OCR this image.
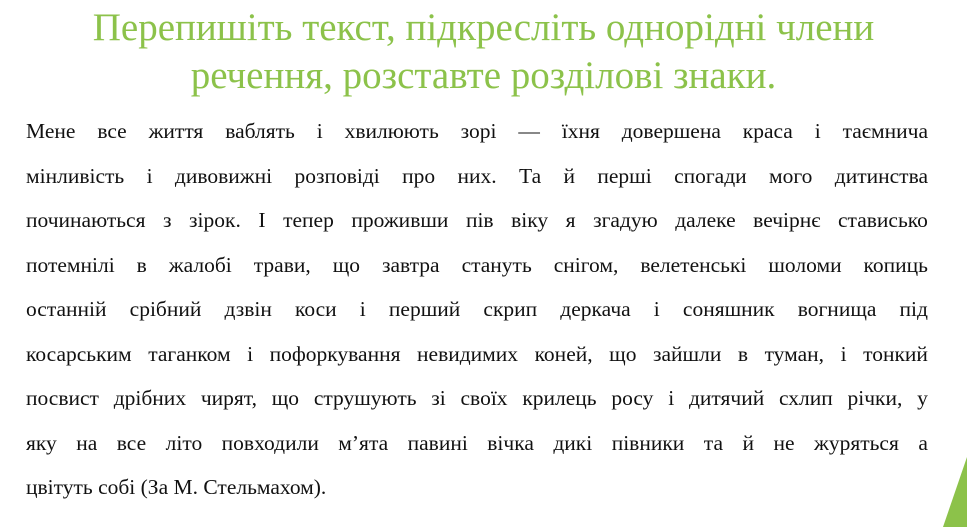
Перепишіть текст, підкресліть однорідні члени
речення, розставте розділові знаки.
Мене все життя ваблять і хвилюють зорі — їхня довершена краса і таємнича
мінливість і дивовижні розповіді про них. Та й перші спогади мого дитинства
починаються з зірок. І тепер проживши пів віку я згадую далеке вечірнє стависько
потемнілі в жалобі трави, що завтра стануть снігом, велетенські шоломи копиць
останній срібний дзвін коси і перший скрип деркача і соняшник вогнища під
косарським таганком і пофоркування невидимих коней, що зайшли в туман, і тонкий
посвист дрібних чирят, що струшують зі своїх крилець росу і дитячий схлип річки, у
яку на все літо повходили м’ята павині вічка дикі півники та й не журяться а
цвітуть собі (За М. Стельмахом).
